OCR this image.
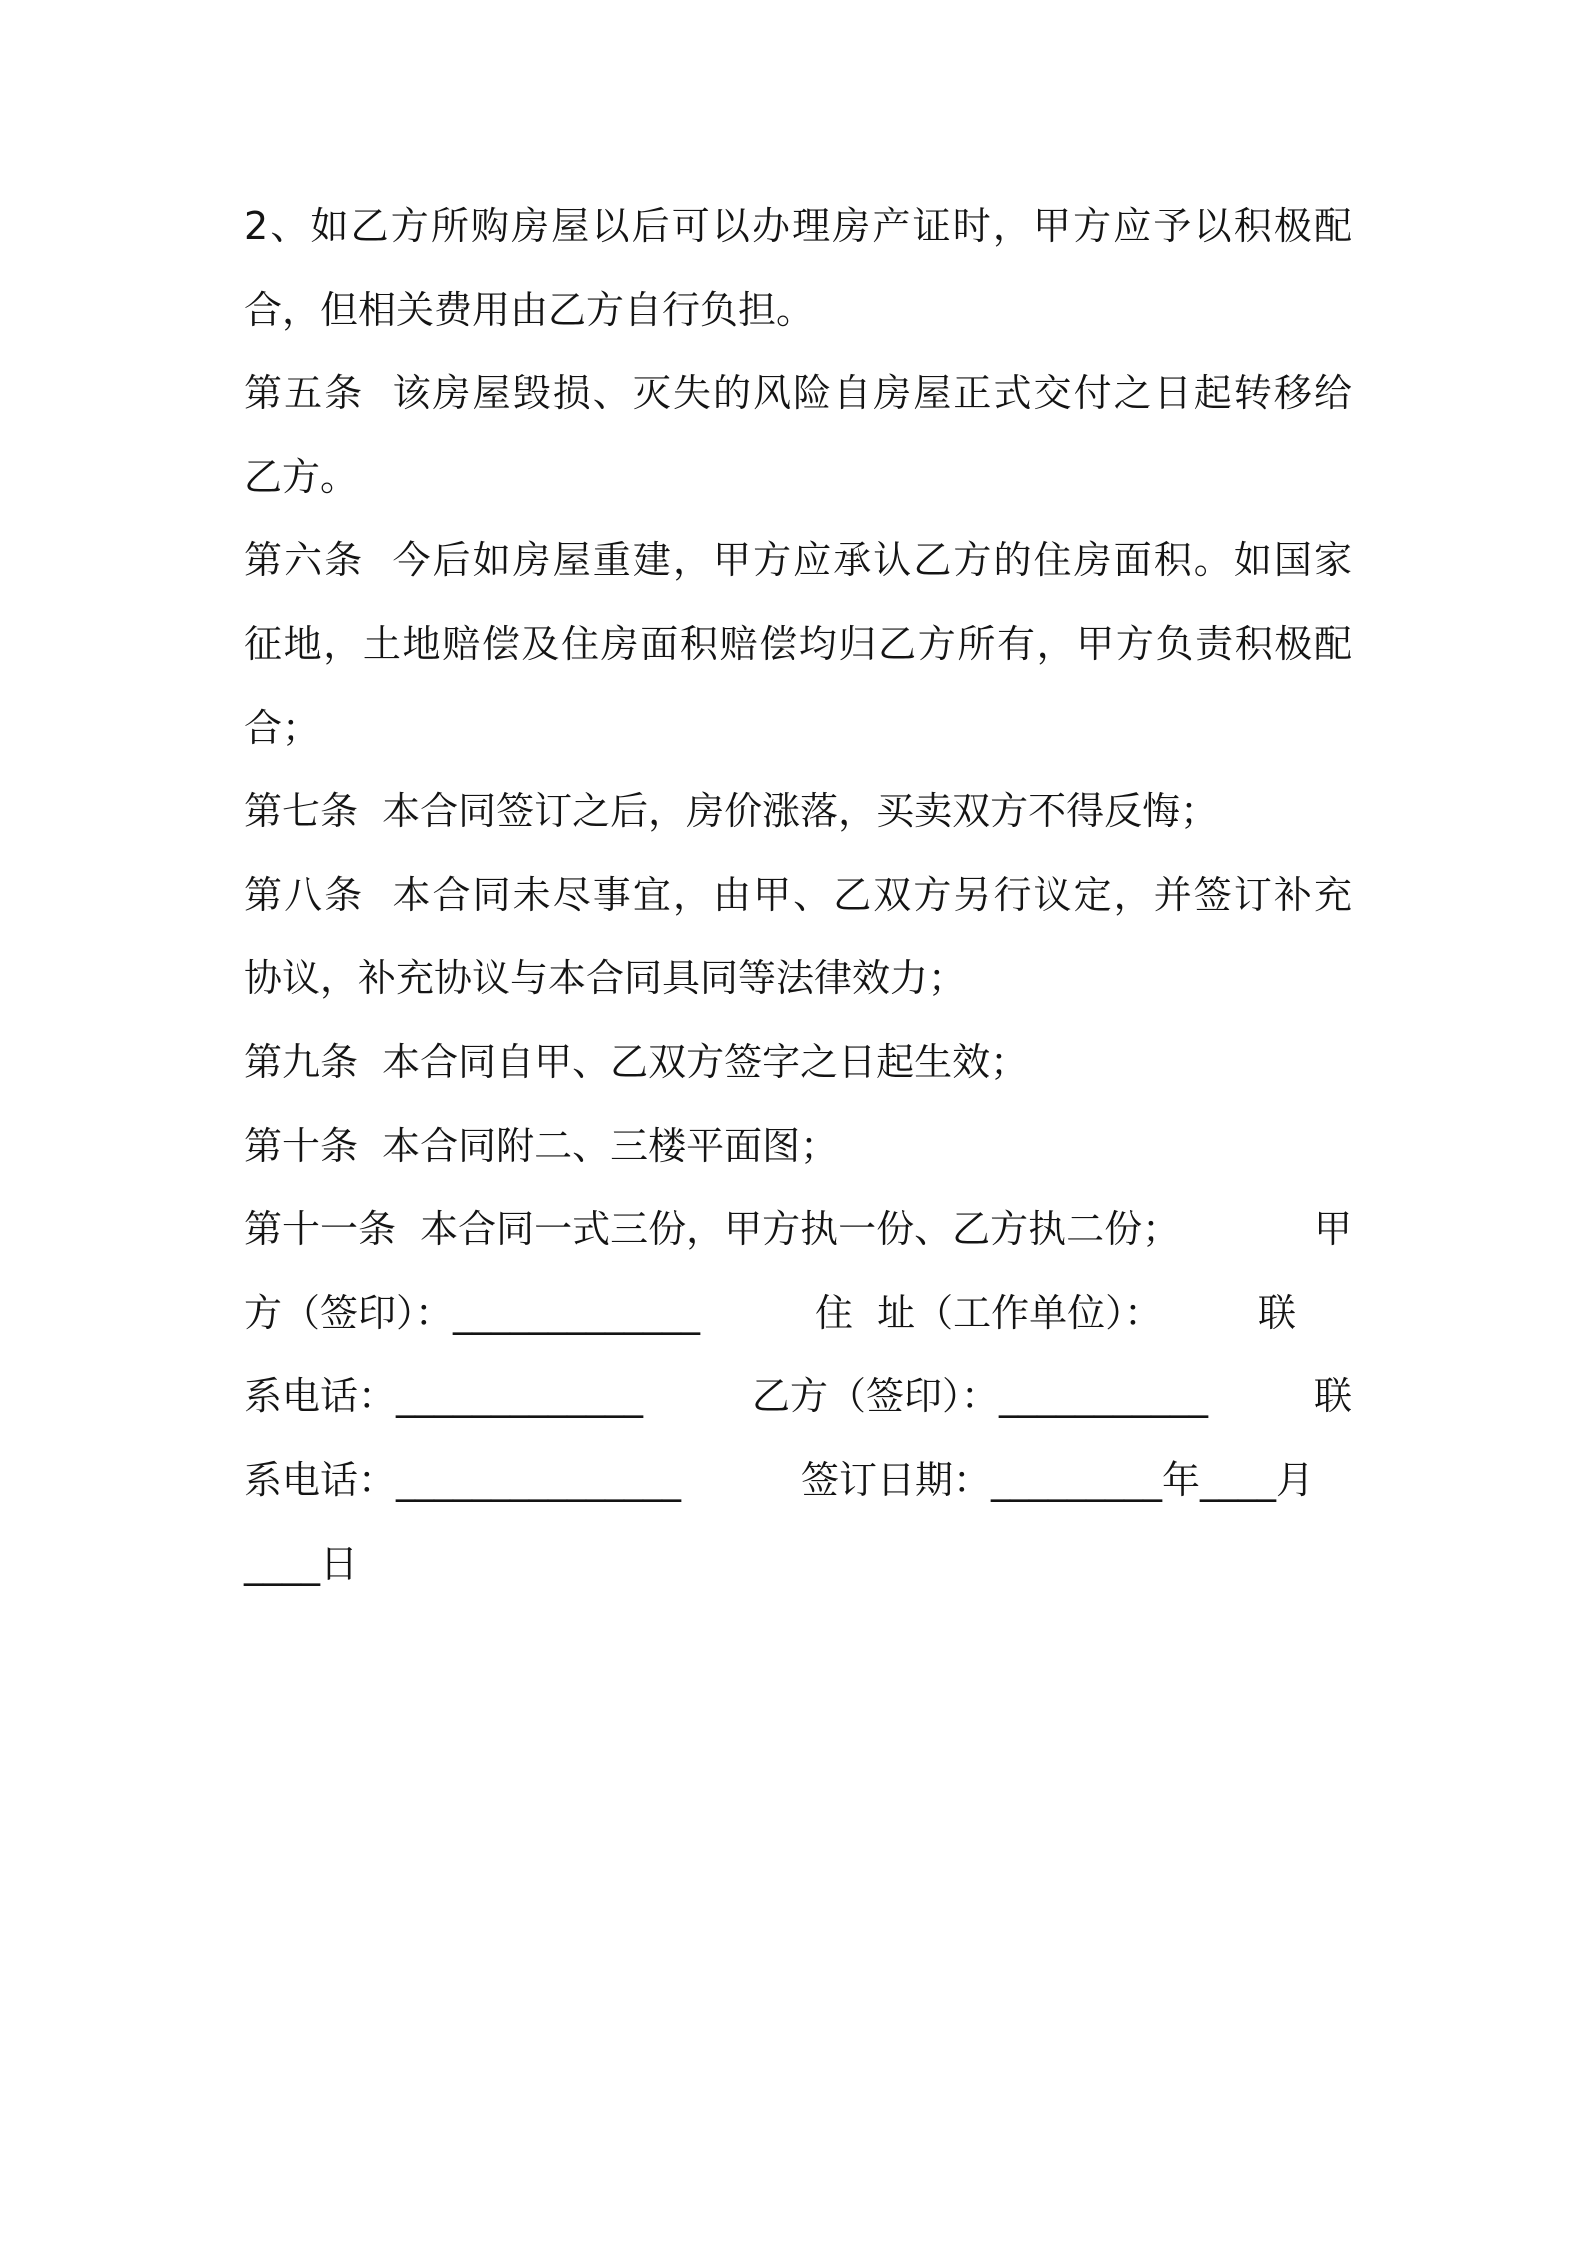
2、如乙方所购房屋以后可以办理房产证时，甲方应予以积极配
合，但相关费用由乙方自行负担。
第五条  该房屋毁损、灭失的风险自房屋正式交付之日起转移给
乙方。
第六条  今后如房屋重建，甲方应承认乙方的住房面积。如国家
征地，土地赔偿及住房面积赔偿均归乙方所有，甲方负责积极配
合；
第七条  本合同签订之后，房价涨落，买卖双方不得反悔；
第八条  本合同未尽事宜，由甲、乙双方另行议定，并签订补充
协议，补充协议与本合同具同等法律效力；
第九条  本合同自甲、乙双方签字之日起生效；
第十条  本合同附二、三楼平面图；
第十一条  本合同一式三份，甲方执一份、乙方执二份；	甲
方（签印）：_____________	住  址（工作单位）：	联
系电话：_____________	乙方（签印）：___________	联
系电话：_______________	签订日期：_________年____月
____日
